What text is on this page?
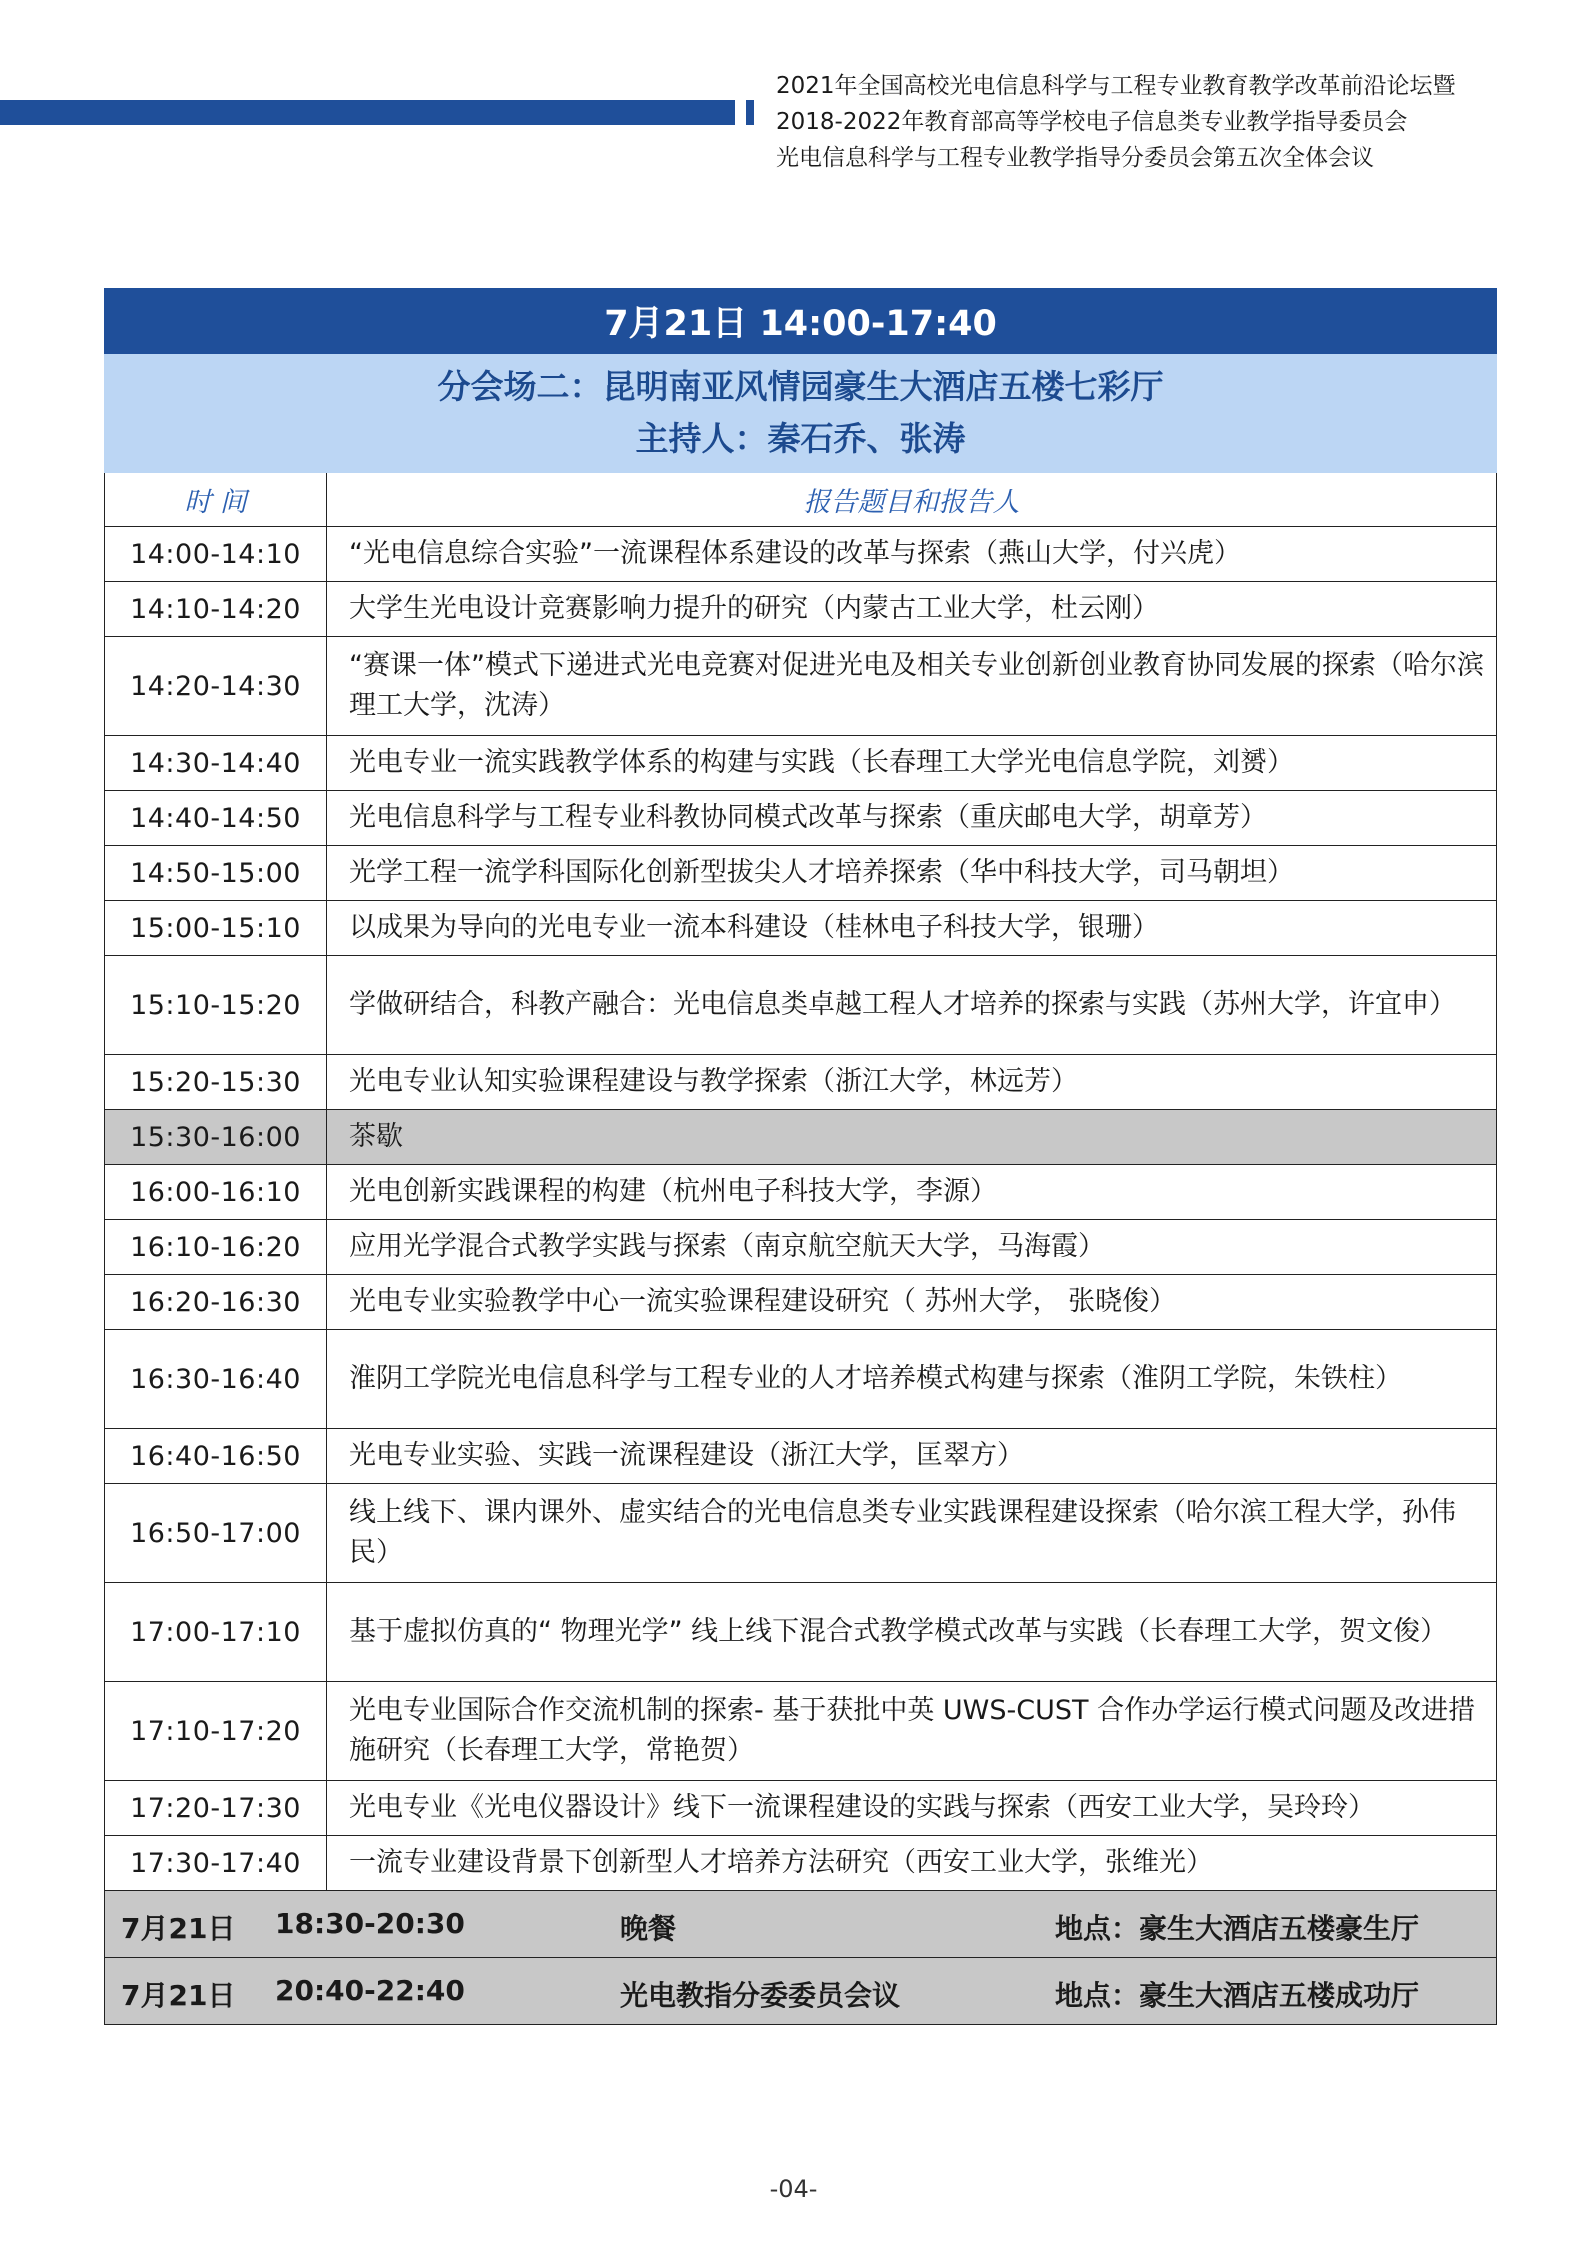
2021年全国高校光电信息科学与工程专业教育教学改革前沿论坛暨
2018-2022年教育部高等学校电子信息类专业教学指导委员会
光电信息科学与工程专业教学指导分委员会第五次全体会议
7月21日 14:00-17:40	

分会场二：昆明南亚风情园豪生大酒店五楼七彩厅
主持人：秦石乔、张涛	

时 间	报告题目和报告人
14:00-14:10	“光电信息综合实验”一流课程体系建设的改革与探索（燕山大学，付兴虎）
14:10-14:20	大学生光电设计竞赛影响力提升的研究（内蒙古工业大学，杜云刚）
14:20-14:30	“赛课一体”模式下递进式光电竞赛对促进光电及相关专业创新创业教育协同发展的探索（哈尔滨理工大学，沈涛）
14:30-14:40	光电专业一流实践教学体系的构建与实践（长春理工大学光电信息学院，刘赟）
14:40-14:50	光电信息科学与工程专业科教协同模式改革与探索（重庆邮电大学，胡章芳）
14:50-15:00	光学工程一流学科国际化创新型拔尖人才培养探索（华中科技大学，司马朝坦）
15:00-15:10	以成果为导向的光电专业一流本科建设（桂林电子科技大学，银珊）
15:10-15:20	学做研结合，科教产融合：光电信息类卓越工程人才培养的探索与实践（苏州大学，许宜申）
15:20-15:30	光电专业认知实验课程建设与教学探索（浙江大学，林远芳）
15:30-16:00	茶歇
16:00-16:10	光电创新实践课程的构建（杭州电子科技大学，李源）
16:10-16:20	应用光学混合式教学实践与探索（南京航空航天大学，马海霞）
16:20-16:30	光电专业实验教学中心一流实验课程建设研究（ 苏州大学， 张晓俊）
16:30-16:40	淮阴工学院光电信息科学与工程专业的人才培养模式构建与探索（淮阴工学院，朱铁柱）
16:40-16:50	光电专业实验、实践一流课程建设（浙江大学，匡翠方）
16:50-17:00	线上线下、课内课外、虚实结合的光电信息类专业实践课程建设探索（哈尔滨工程大学，孙伟民）
17:00-17:10	基于虚拟仿真的“ 物理光学” 线上线下混合式教学模式改革与实践（长春理工大学，贺文俊）
17:10-17:20	光电专业国际合作交流机制的探索- 基于获批中英 UWS-CUST 合作办学运行模式问题及改进措施研究（长春理工大学，常艳贺）
17:20-17:30	光电专业《光电仪器设计》线下一流课程建设的实践与探索（西安工业大学，吴玲玲）
17:30-17:40	一流专业建设背景下创新型人才培养方法研究（西安工业大学，张维光）

7月21日 18:30-20:30 晚餐 地点：豪生大酒店五楼豪生厅	

7月21日 20:40-22:40 光电教指分委委员会议 地点：豪生大酒店五楼成功厅	
-04-
